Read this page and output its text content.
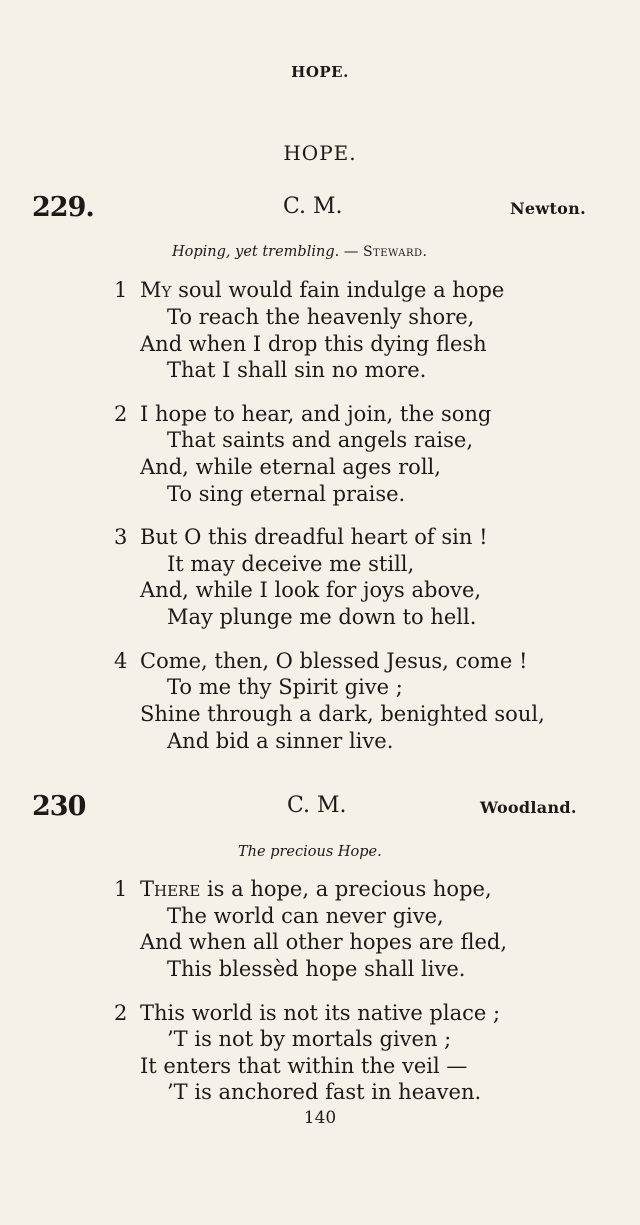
HOPE.
HOPE.
229.	C. M.	Newton.
Hoping, yet trembling. — Steward.
1 My soul would fain indulge a hope
To reach the heavenly shore,
And when I drop this dying flesh
That I shall sin no more.
2 I hope to hear, and join, the song
That saints and angels raise,
And, while eternal ages roll,
To sing eternal praise.
3 But O this dreadful heart of sin !
It may deceive me still,
And, while I look for joys above,
May plunge me down to hell.
4 Come, then, O blessed Jesus, come !
To me thy Spirit give ;
Shine through a dark, benighted soul,
And bid a sinner live.
230	C. M.	Woodland.
The precious Hope.
1 There is a hope, a precious hope,
The world can never give,
And when all other hopes are fled,
This blessèd hope shall live.
2 This world is not its native place ;
’T is not by mortals given ;
It enters that within the veil —
’T is anchored fast in heaven.
140
